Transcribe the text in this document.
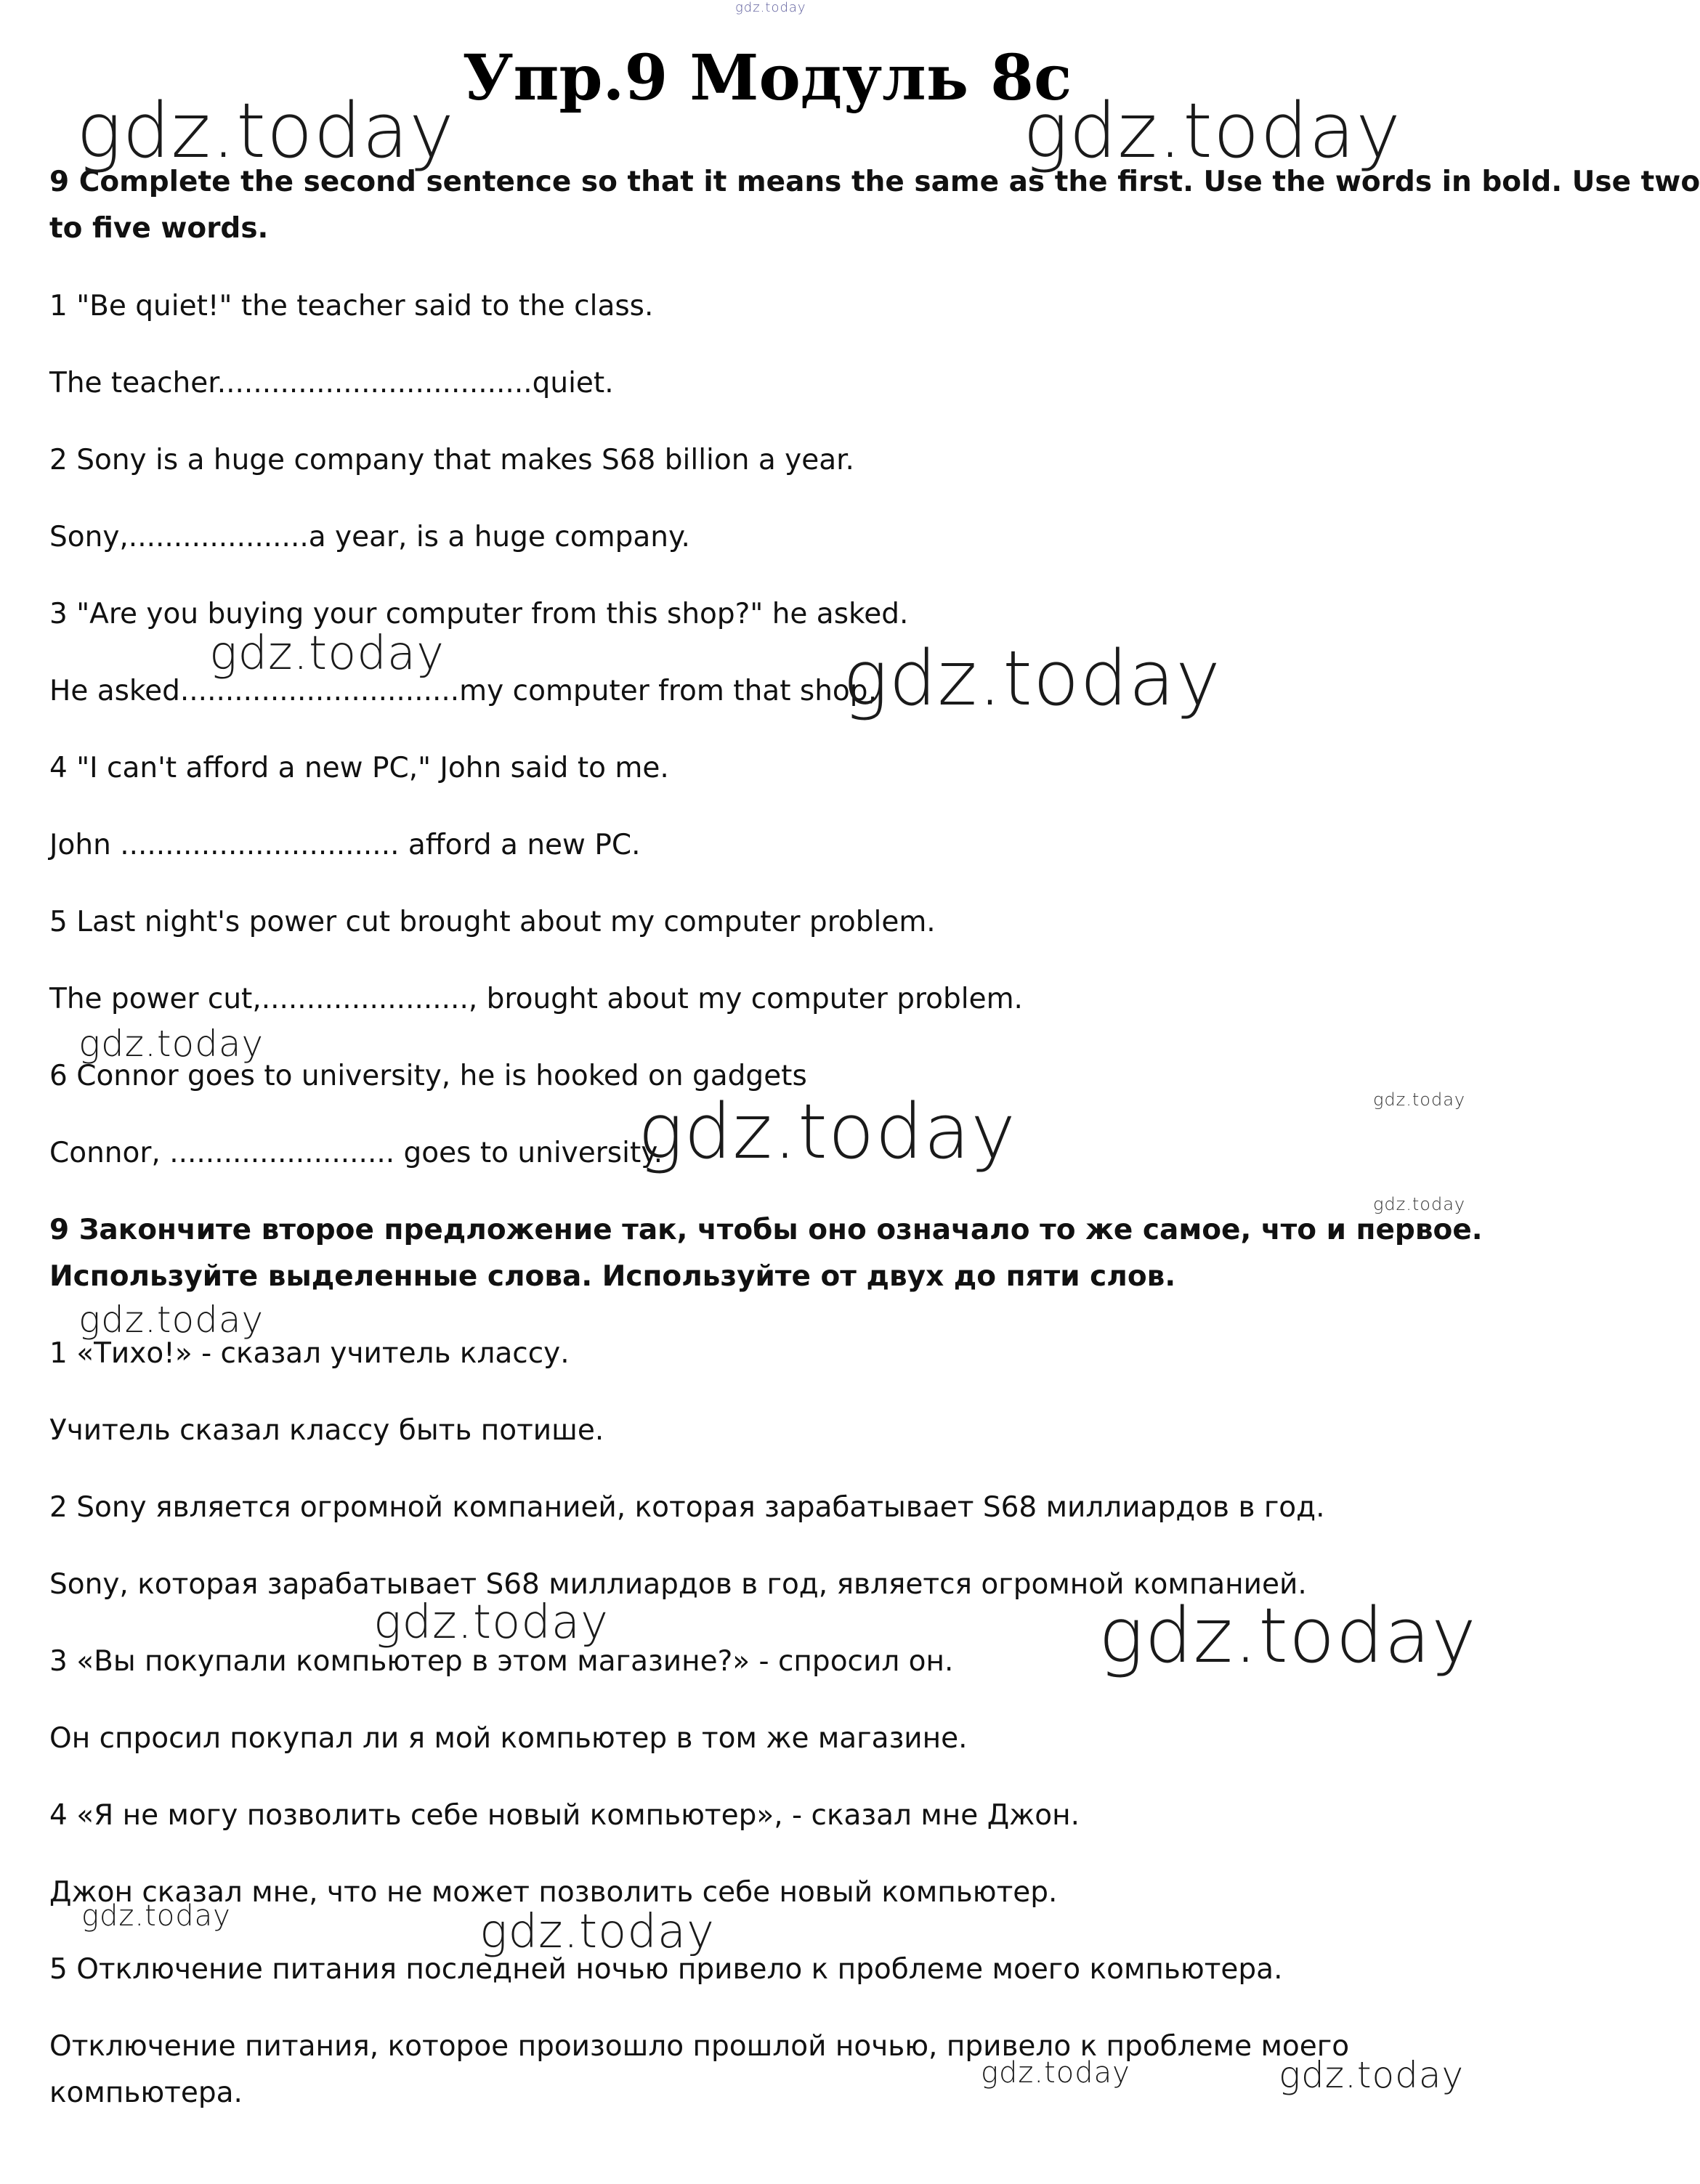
gdz.today
Упр.9 Модуль 8с

9 Complete the second sentence so that it means the same as the first. Use the words in bold. Use two

to five words.

1 "Be quiet!" the teacher said to the class.

The teacher...................................quiet.

2 Sony is a huge company that makes S68 billion a year.

Sony,....................a year, is a huge company.

3 "Are you buying your computer from this shop?" he asked.

He asked...............................my computer from that shop,

4 "I can't afford a new PC," John said to me.

John ............................... afford a new PC.

5 Last night's power cut brought about my computer problem.

The power cut,......................., brought about my computer problem.

6 Connor goes to university, he is hooked on gadgets

Connor, ......................... goes to university.

9 Закончите второе предложение так, чтобы оно означало то же самое, что и первое.

Используйте выделенные слова. Используйте от двух до пяти слов.

1 «Тихо!» - сказал учитель классу.

Учитель сказал классу быть потише.

2 Sony является огромной компанией, которая зарабатывает S68 миллиардов в год.

Sony, которая зарабатывает S68 миллиардов в год, является огромной компанией.

3 «Вы покупали компьютер в этом магазине?» - спросил он.

Он спросил покупал ли я мой компьютер в том же магазине.

4 «Я не могу позволить себе новый компьютер», - сказал мне Джон.

Джон сказал мне, что не может позволить себе новый компьютер.

5 Отключение питания последней ночью привело к проблеме моего компьютера.

Отключение питания, которое произошло прошлой ночью, привело к проблеме моего

компьютера.

gdz.today	gdz.today
gdz.today	gdz.today
gdz.today
gdz.today
gdz.today
gdz.today
gdz.today
gdz.today	gdz.today
gdz.today	gdz.today
gdz.today	gdz.today
